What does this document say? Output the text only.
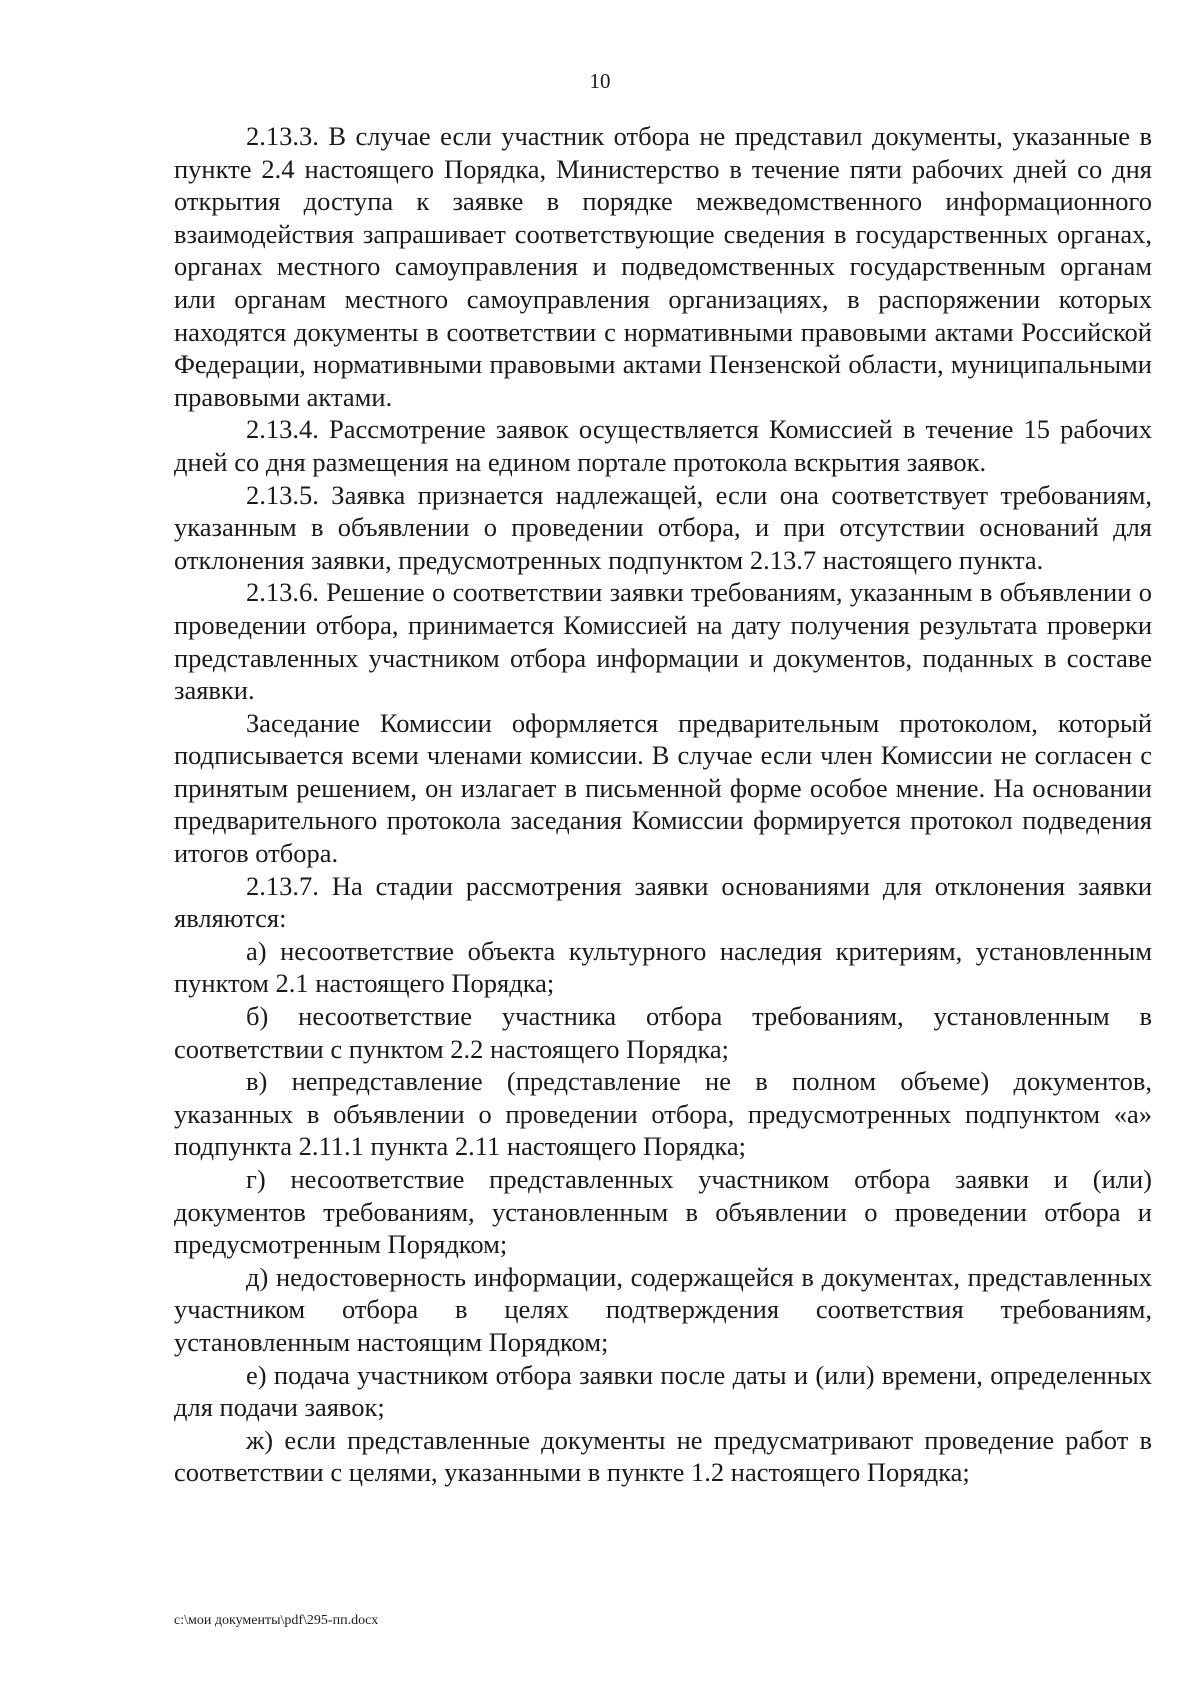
10

2.13.3. В случае если участник отбора не представил документы, указанные в пункте 2.4 настоящего Порядка, Министерство в течение пяти рабочих дней со дня открытия доступа к заявке в порядке межведомственного информационного взаимодействия запрашивает соответствующие сведения в государственных органах, органах местного самоуправления и подведомственных государственным органам или органам местного самоуправления организациях, в распоряжении которых находятся документы в соответствии с нормативными правовыми актами Российской Федерации, нормативными правовыми актами Пензенской области, муниципальными правовыми актами.

2.13.4. Рассмотрение заявок осуществляется Комиссией в течение 15 рабочих дней со дня размещения на едином портале протокола вскрытия заявок.

2.13.5. Заявка признается надлежащей, если она соответствует требованиям, указанным в объявлении о проведении отбора, и при отсутствии оснований для отклонения заявки, предусмотренных подпунктом 2.13.7 настоящего пункта.

2.13.6. Решение о соответствии заявки требованиям, указанным в объявлении о проведении отбора, принимается Комиссией на дату получения результата проверки представленных участником отбора информации и документов, поданных в составе заявки.

Заседание Комиссии оформляется предварительным протоколом, который подписывается всеми членами комиссии. В случае если член Комиссии не согласен с принятым решением, он излагает в письменной форме особое мнение. На основании предварительного протокола заседания Комиссии формируется протокол подведения итогов отбора.

2.13.7. На стадии рассмотрения заявки основаниями для отклонения заявки являются:

а) несоответствие объекта культурного наследия критериям, установленным пунктом 2.1 настоящего Порядка;

б) несоответствие участника отбора требованиям, установленным в соответствии с пунктом 2.2 настоящего Порядка;

в) непредставление (представление не в полном объеме) документов, указанных в объявлении о проведении отбора, предусмотренных подпунктом «а» подпункта 2.11.1 пункта 2.11 настоящего Порядка;

г) несоответствие представленных участником отбора заявки и (или) документов требованиям, установленным в объявлении о проведении отбора и предусмотренным Порядком;

д) недостоверность информации, содержащейся в документах, представленных участником отбора в целях подтверждения соответствия требованиям, установленным настоящим Порядком;

е) подача участником отбора заявки после даты и (или) времени, определенных для подачи заявок;

ж) если представленные документы не предусматривают проведение работ в соответствии с целями, указанными в пункте 1.2 настоящего Порядка;

c:\мои документы\pdf\295-пп.docx
